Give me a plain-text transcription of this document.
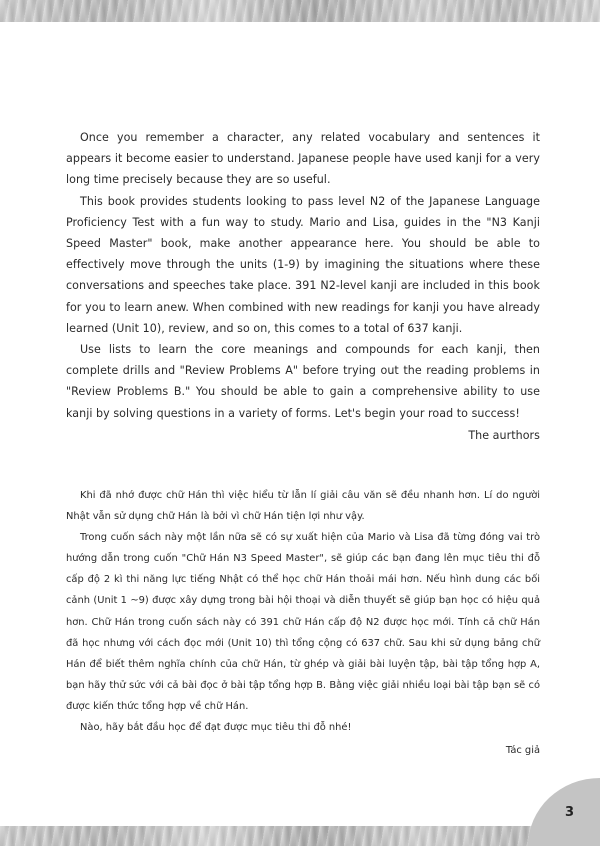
Once you remember a character, any related vocabulary and sentences it appears it become easier to understand. Japanese people have used kanji for a very long time precisely because they are so useful.

This book provides students looking to pass level N2 of the Japanese Language Proficiency Test with a fun way to study. Mario and Lisa, guides in the "N3 Kanji Speed Master" book, make another appearance here. You should be able to effectively move through the units (1-9) by imagining the situations where these conversations and speeches take place. 391 N2-level kanji are included in this book for you to learn anew. When combined with new readings for kanji you have already learned (Unit 10), review, and so on, this comes to a total of 637 kanji.

Use lists to learn the core meanings and compounds for each kanji, then complete drills and "Review Problems A" before trying out the reading problems in "Review Problems B." You should be able to gain a comprehensive ability to use kanji by solving questions in a variety of forms. Let's begin your road to success!

The aurthors

Khi đã nhớ được chữ Hán thì việc hiểu từ lẫn lí giải câu văn sẽ đều nhanh hơn. Lí do người Nhật vẫn sử dụng chữ Hán là bởi vì chữ Hán tiện lợi như vậy.

Trong cuốn sách này một lần nữa sẽ có sự xuất hiện của Mario và Lisa đã từng đóng vai trò hướng dẫn trong cuốn "Chữ Hán N3 Speed Master", sẽ giúp các bạn đang lên mục tiêu thi đỗ cấp độ 2 kì thi năng lực tiếng Nhật có thể học chữ Hán thoải mái hơn. Nếu hình dung các bối cảnh (Unit 1 ~9) được xây dựng trong bài hội thoại và diễn thuyết sẽ giúp bạn học có hiệu quả hơn. Chữ Hán trong cuốn sách này có 391 chữ Hán cấp độ N2 được học mới. Tính cả chữ Hán đã học nhưng với cách đọc mới (Unit 10) thì tổng cộng có 637 chữ. Sau khi sử dụng bảng chữ Hán để biết thêm nghĩa chính của chữ Hán, từ ghép và giải bài luyện tập, bài tập tổng hợp A, bạn hãy thử sức với cả bài đọc ở bài tập tổng hợp B. Bằng việc giải nhiều loại bài tập bạn sẽ có được kiến thức tổng hợp về chữ Hán.

Nào, hãy bắt đầu học để đạt được mục tiêu thi đỗ nhé!

Tác giả

3
